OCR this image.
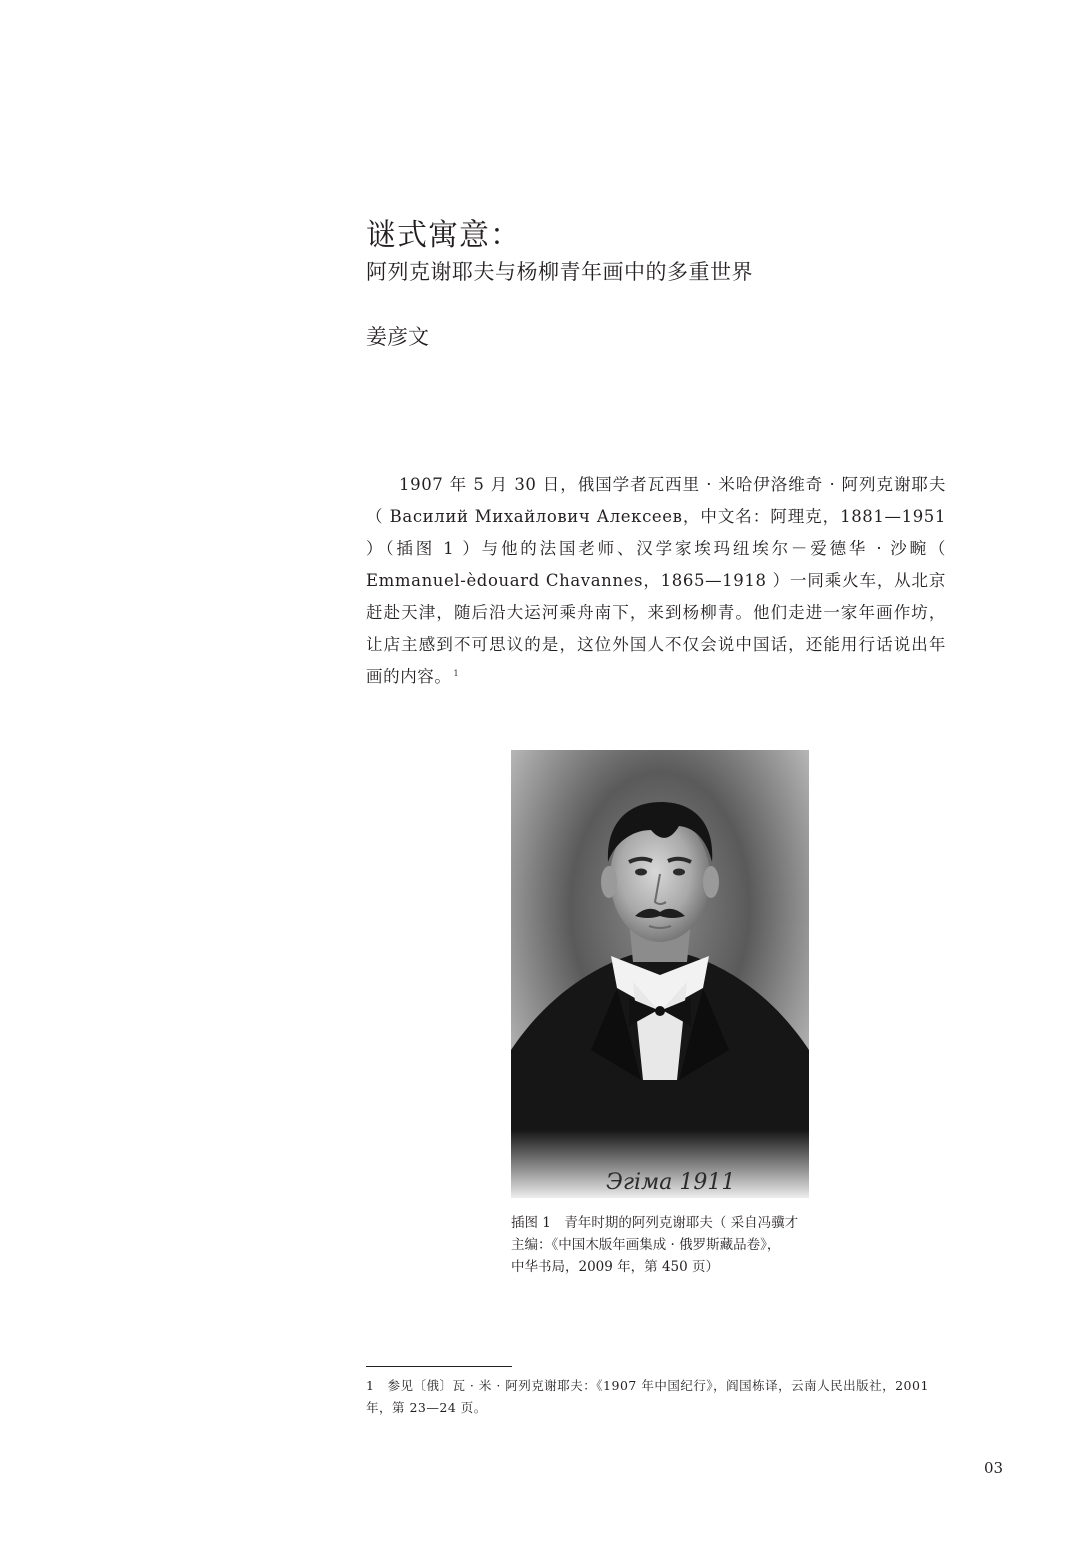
谜式寓意：
阿列克谢耶夫与杨柳青年画中的多重世界
姜彦文

1907 年 5 月 30 日，俄国学者瓦西里 · 米哈伊洛维奇 · 阿列克谢耶夫（ Василий Михайлович Алексеев，中文名：阿理克，1881—1951 ）（插图 1 ）与他的法国老师、汉学家埃玛纽埃尔－爱德华 · 沙畹（ Emmanuel-èdouard Chavannes，1865—1918 ）一同乘火车，从北京赶赴天津，随后沿大运河乘舟南下，来到杨柳青。他们走进一家年画作坊，让店主感到不可思议的是，这位外国人不仅会说中国话，还能用行话说出年画的内容。 $^1$

Эгіма 1911

插图 1　青年时期的阿列克谢耶夫（ 采自冯骥才

主编：《中国木版年画集成 · 俄罗斯藏品卷》，

中华书局，2009 年，第 450 页）

1　参见〔俄〕瓦 · 米 · 阿列克谢耶夫：《1907 年中国纪行》，阎国栋译，云南人民出版社，2001 年，第 23—24 页。

03
